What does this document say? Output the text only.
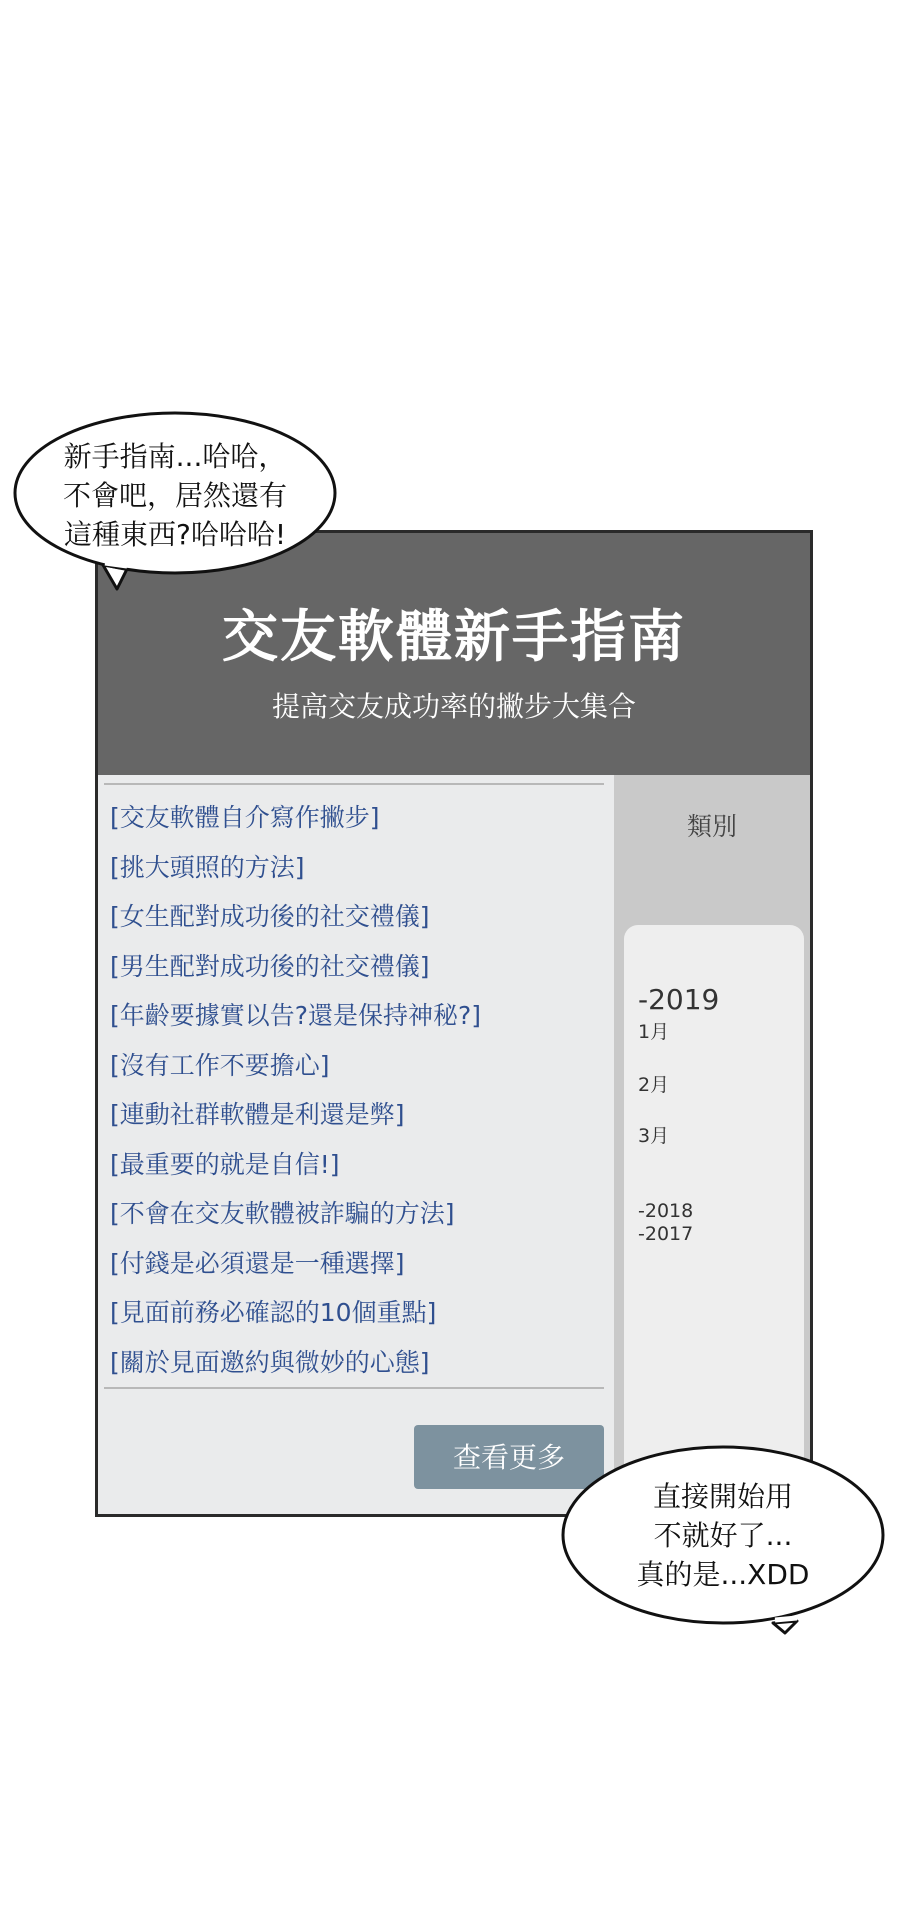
交友軟體新手指南
提高交友成功率的撇步大集合
[交友軟體自介寫作撇步]
[挑大頭照的方法]
[女生配對成功後的社交禮儀]
[男生配對成功後的社交禮儀]
[年齡要據實以告?還是保持神秘?]
[沒有工作不要擔心]
[連動社群軟體是利還是弊]
[最重要的就是自信!]
[不會在交友軟體被詐騙的方法]
[付錢是必須還是一種選擇]
[見面前務必確認的10個重點]
[關於見面邀約與微妙的心態]
查看更多
類別
-2019
1月
2月
3月
-2018
-2017
新手指南...哈哈，
不會吧，居然還有
這種東西?哈哈哈!
直接開始用
不就好了...
真的是...XDD
